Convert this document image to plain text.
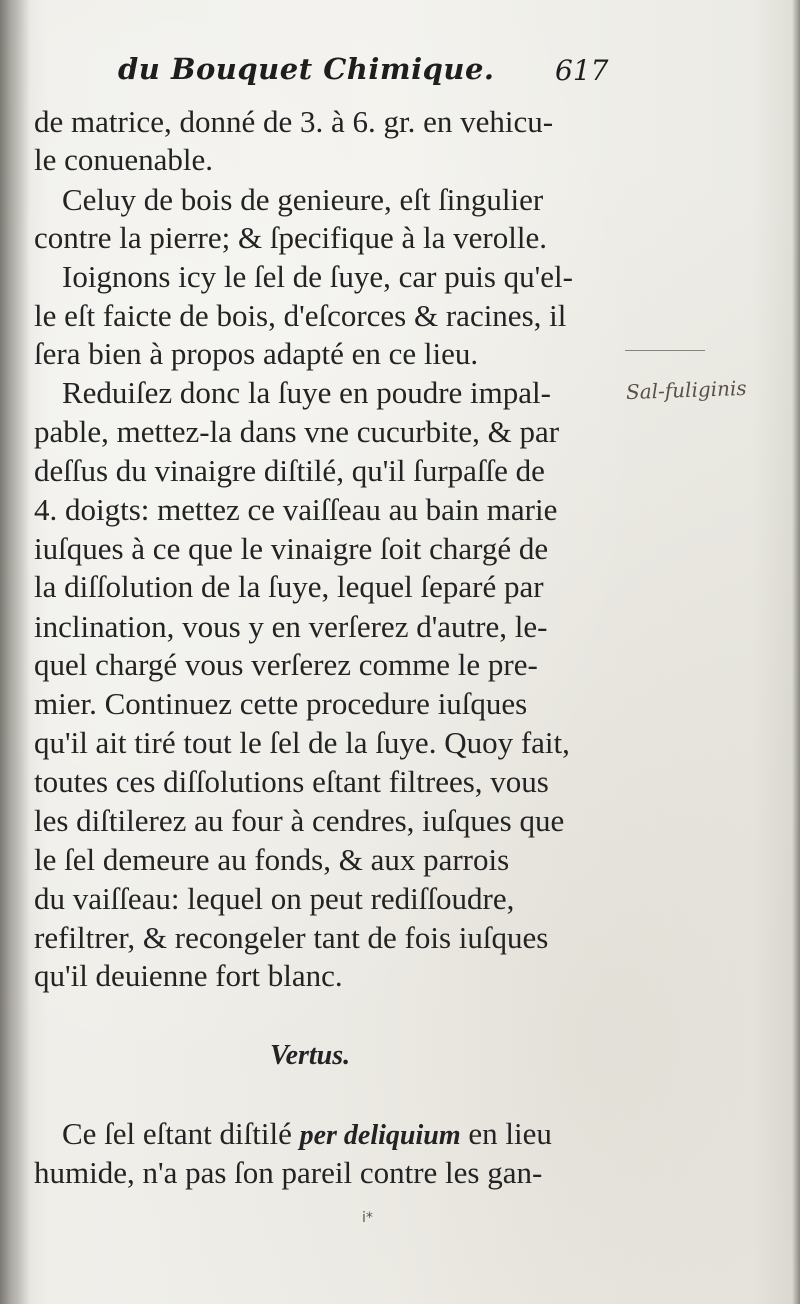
du Bouquet Chimique. 617
de matrice, donné de 3. à 6. gr. en vehicu-
le conuenable.
Celuy de bois de genieure, eſt ſingulier
contre la pierre; & ſpecifique à la verolle.
Ioignons icy le ſel de ſuye, car puis qu'el-
le eſt faicte de bois, d'eſcorces & racines, il
ſera bien à propos adapté en ce lieu.
Reduiſez donc la ſuye en poudre impal-
pable, mettez-la dans vne cucurbite, & par
deſſus du vinaigre diſtilé, qu'il ſurpaſſe de
4. doigts: mettez ce vaiſſeau au bain marie
iuſques à ce que le vinaigre ſoit chargé de
la diſſolution de la ſuye, lequel ſeparé par
inclination, vous y en verſerez d'autre, le-
quel chargé vous verſerez comme le pre-
mier. Continuez cette procedure iuſques
qu'il ait tiré tout le ſel de la ſuye. Quoy fait,
toutes ces diſſolutions eſtant filtrees, vous
les diſtilerez au four à cendres, iuſques que
le ſel demeure au fonds, & aux parrois
du vaiſſeau: lequel on peut rediſſoudre,
refiltrer, & recongeler tant de fois iuſques
qu'il deuienne fort blanc.
Vertus.
Ce ſel eſtant diſtilé per deliquium en lieu
humide, n'a pas ſon pareil contre les gan-
Sal-fuliginis
i*
